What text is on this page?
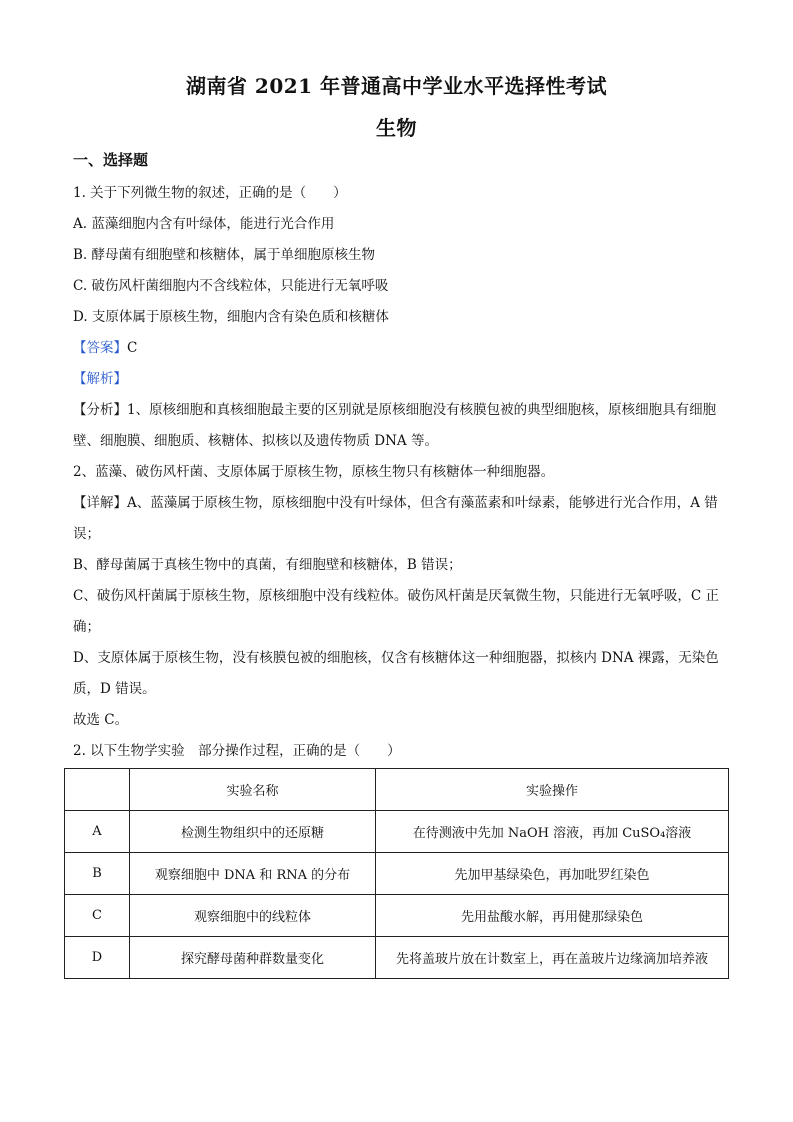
湖南省 2021 年普通高中学业水平选择性考试
生物
一、选择题
1. 关于下列微生物的叙述，正确的是（　　）
A. 蓝藻细胞内含有叶绿体，能进行光合作用
B. 酵母菌有细胞壁和核糖体，属于单细胞原核生物
C. 破伤风杆菌细胞内不含线粒体，只能进行无氧呼吸
D. 支原体属于原核生物，细胞内含有染色质和核糖体
【答案】C
【解析】
【分析】1、原核细胞和真核细胞最主要的区别就是原核细胞没有核膜包被的典型细胞核，原核细胞具有细胞壁、细胞膜、细胞质、核糖体、拟核以及遗传物质 DNA 等。
2、蓝藻、破伤风杆菌、支原体属于原核生物，原核生物只有核糖体一种细胞器。
【详解】A、蓝藻属于原核生物，原核细胞中没有叶绿体，但含有藻蓝素和叶绿素，能够进行光合作用，A 错误；
B、酵母菌属于真核生物中的真菌，有细胞壁和核糖体，B 错误；
C、破伤风杆菌属于原核生物，原核细胞中没有线粒体。破伤风杆菌是厌氧微生物，只能进行无氧呼吸，C 正确；
D、支原体属于原核生物，没有核膜包被的细胞核，仅含有核糖体这一种细胞器，拟核内 DNA 裸露，无染色质，D 错误。
故选 C。
2. 以下生物学实验　部分操作过程，正确的是（　　）
	实验名称	实验操作
A	检测生物组织中的还原糖	在待测液中先加 NaOH 溶液，再加 CuSO₄溶液
B	观察细胞中 DNA 和 RNA 的分布	先加甲基绿染色，再加吡罗红染色
C	观察细胞中的线粒体	先用盐酸水解，再用健那绿染色
D	探究酵母菌种群数量变化	先将盖玻片放在计数室上，再在盖玻片边缘滴加培养液
